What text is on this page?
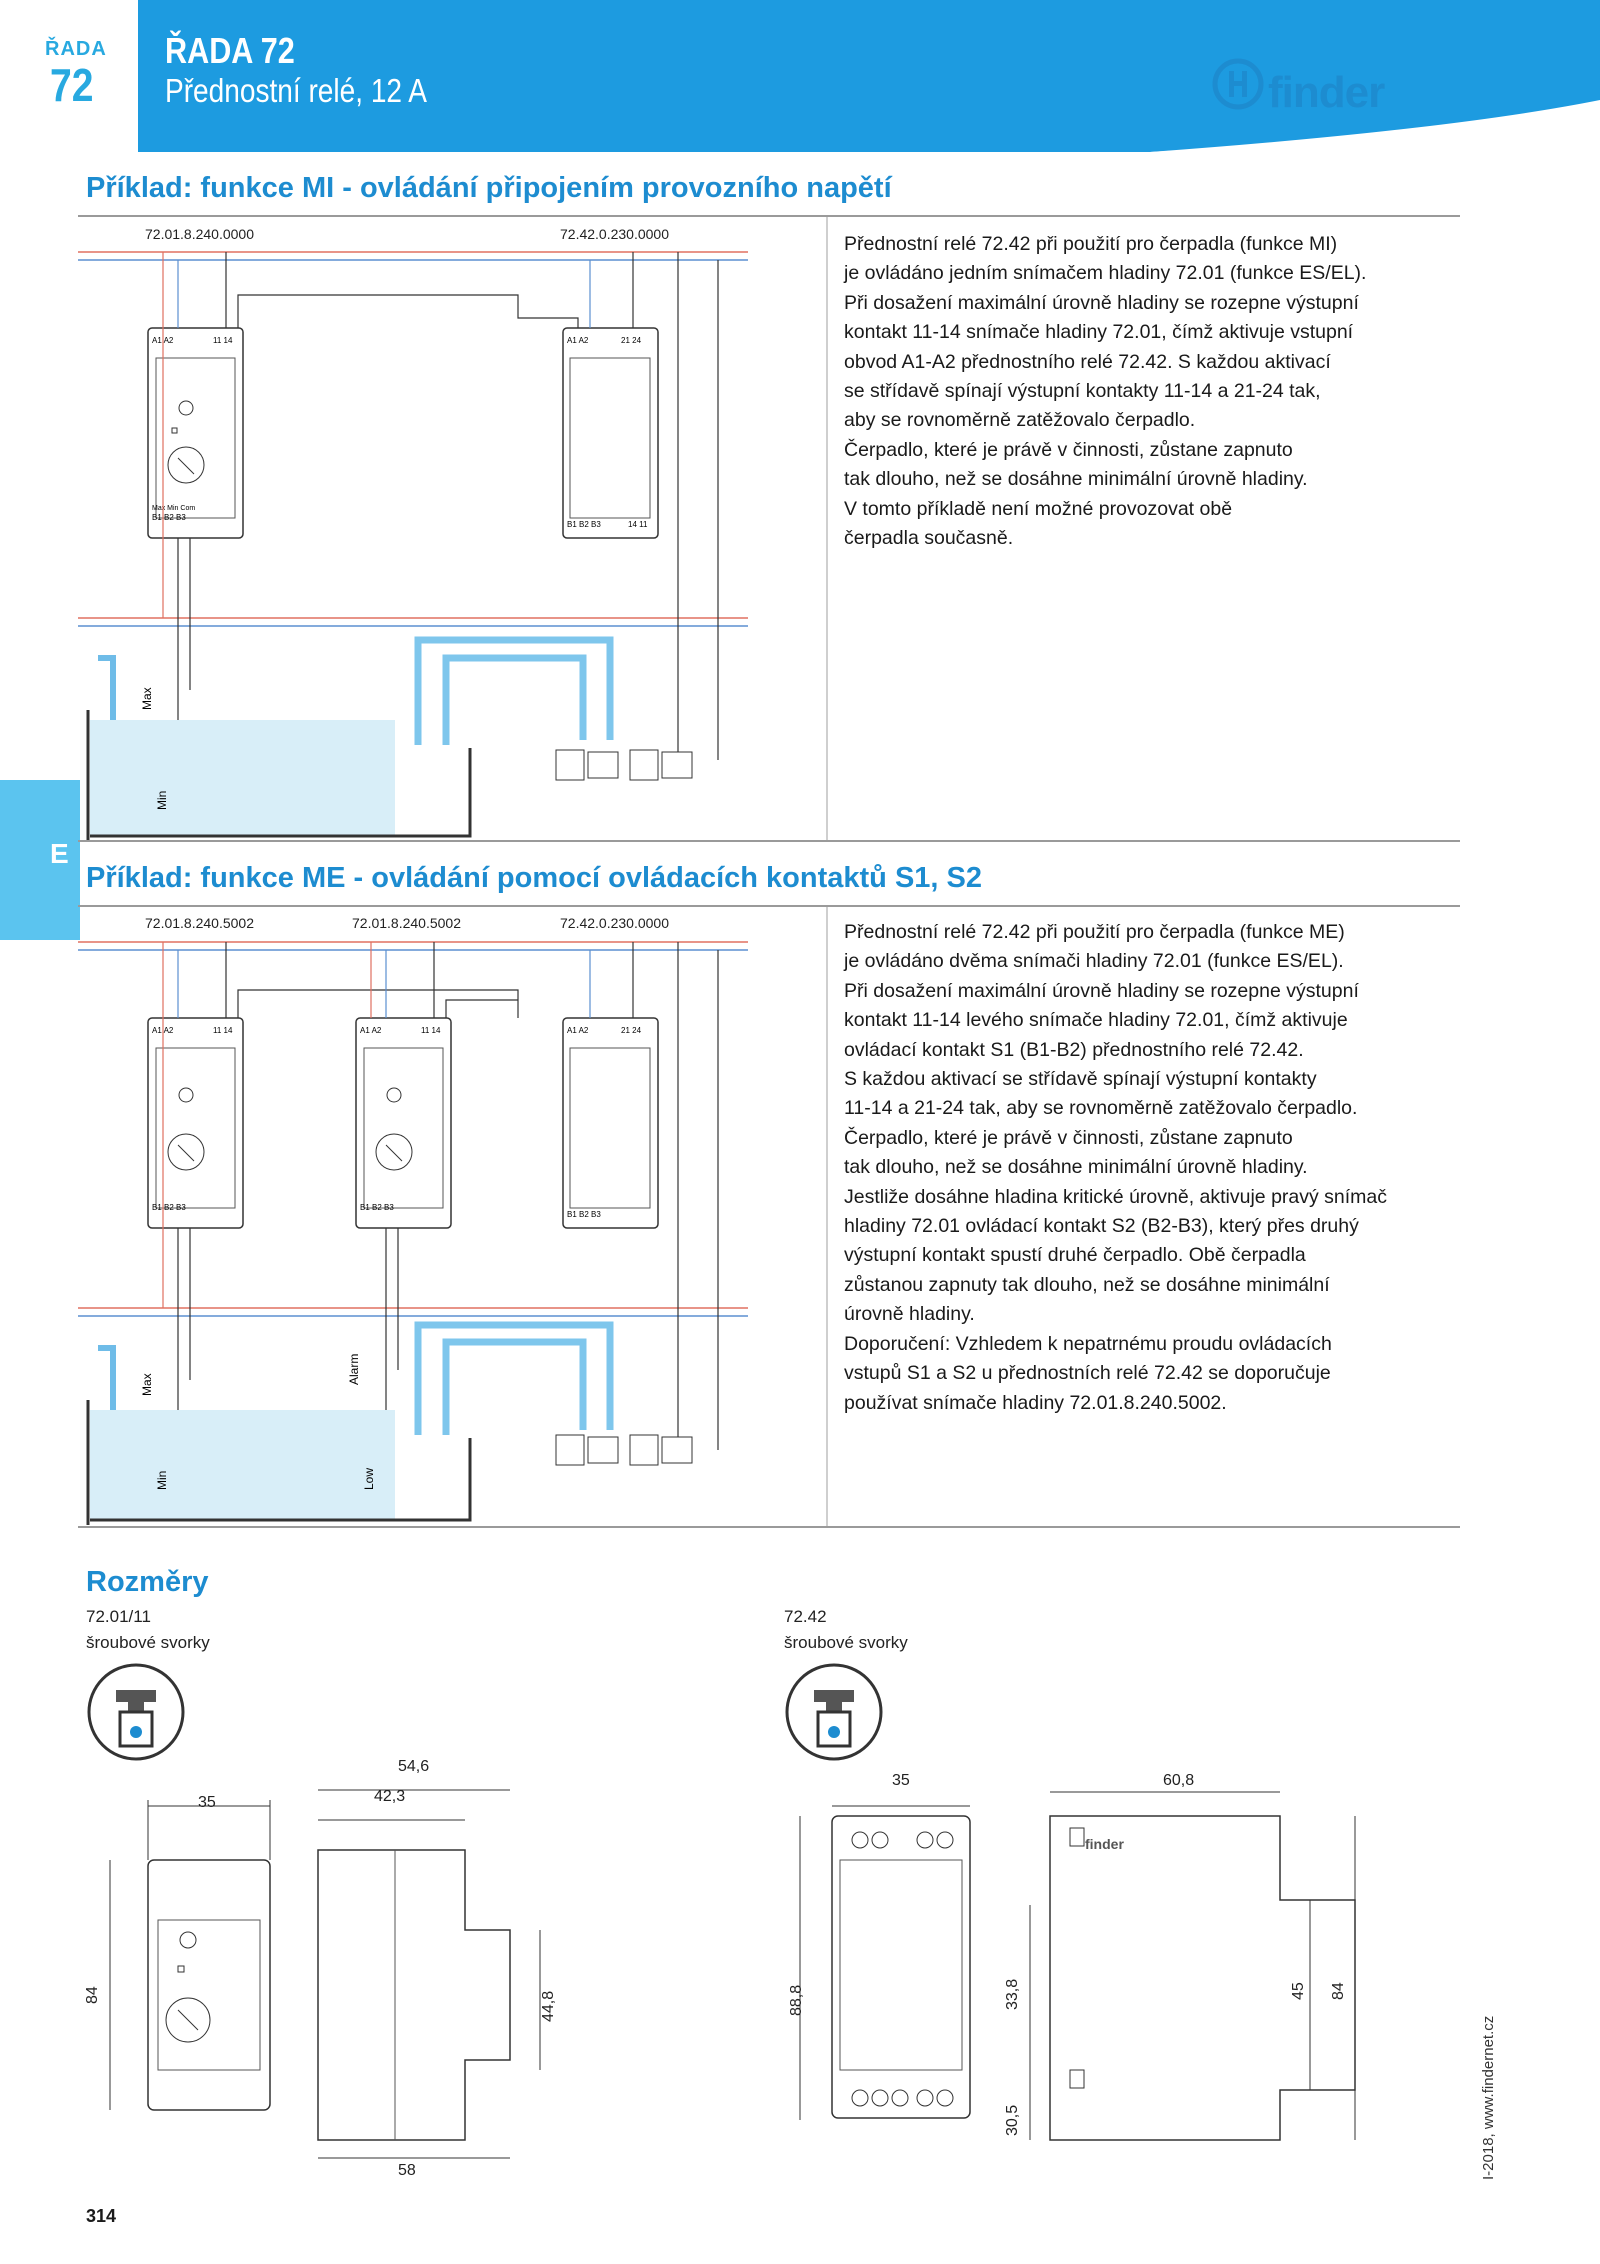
ŘADA
72
ŘADA 72
Přednostní relé, 12 A	finder
E
Příklad: funkce MI - ovládání připojením provozního napětí
72.01.8.240.0000	72.42.0.230.0000
A1 A2	11 14
Max Min Com
B1 B2 B3
A1 A2	21 24
B1 B2 B3	14 11
Max
Min
Přednostní relé 72.42 při použití pro čerpadla (funkce MI)
je ovládáno jedním snímačem hladiny 72.01 (funkce ES/EL).
Při dosažení maximální úrovně hladiny se rozepne výstupní
kontakt 11-14 snímače hladiny 72.01, čímž aktivuje vstupní
obvod A1-A2 přednostního relé 72.42. S každou aktivací
se střídavě spínají výstupní kontakty 11-14 a 21-24 tak,
aby se rovnoměrně zatěžovalo čerpadlo.
Čerpadlo, které je právě v činnosti, zůstane zapnuto
tak dlouho, než se dosáhne minimální úrovně hladiny.
V tomto příkladě není možné provozovat obě
čerpadla současně.
Příklad: funkce ME - ovládání pomocí ovládacích kontaktů S1, S2
72.01.8.240.5002	72.01.8.240.5002	72.42.0.230.0000
A1 A2	11 14
B1 B2 B3
A1 A2	11 14
B1 B2 B3
A1 A2	21 24
B1 B2 B3
Max
Min
Alarm
Low
Přednostní relé 72.42 při použití pro čerpadla (funkce ME)
je ovládáno dvěma snímači hladiny 72.01 (funkce ES/EL).
Při dosažení maximální úrovně hladiny se rozepne výstupní
kontakt 11-14 levého snímače hladiny 72.01, čímž aktivuje
ovládací kontakt S1 (B1-B2) přednostního relé 72.42.
S každou aktivací se střídavě spínají výstupní kontakty
11-14 a 21-24 tak, aby se rovnoměrně zatěžovalo čerpadlo.
Čerpadlo, které je právě v činnosti, zůstane zapnuto
tak dlouho, než se dosáhne minimální úrovně hladiny.
Jestliže dosáhne hladina kritické úrovně, aktivuje pravý snímač
hladiny 72.01 ovládací kontakt S2 (B2-B3), který přes druhý
výstupní kontakt spustí druhé čerpadlo. Obě čerpadla
zůstanou zapnuty tak dlouho, než se dosáhne minimální
úrovně hladiny.
Doporučení: Vzhledem k nepatrnému proudu ovládacích
vstupů S1 a S2 u přednostních relé 72.42 se doporučuje
používat snímače hladiny 72.01.8.240.5002.
Rozměry
72.01/11
šroubové svorky
72.42
šroubové svorky
35
84
54,6
42,3
44,8
58
35
88,8
60,8
finder
33,8
30,5
45 84
314
I-2018, www.findernet.cz
